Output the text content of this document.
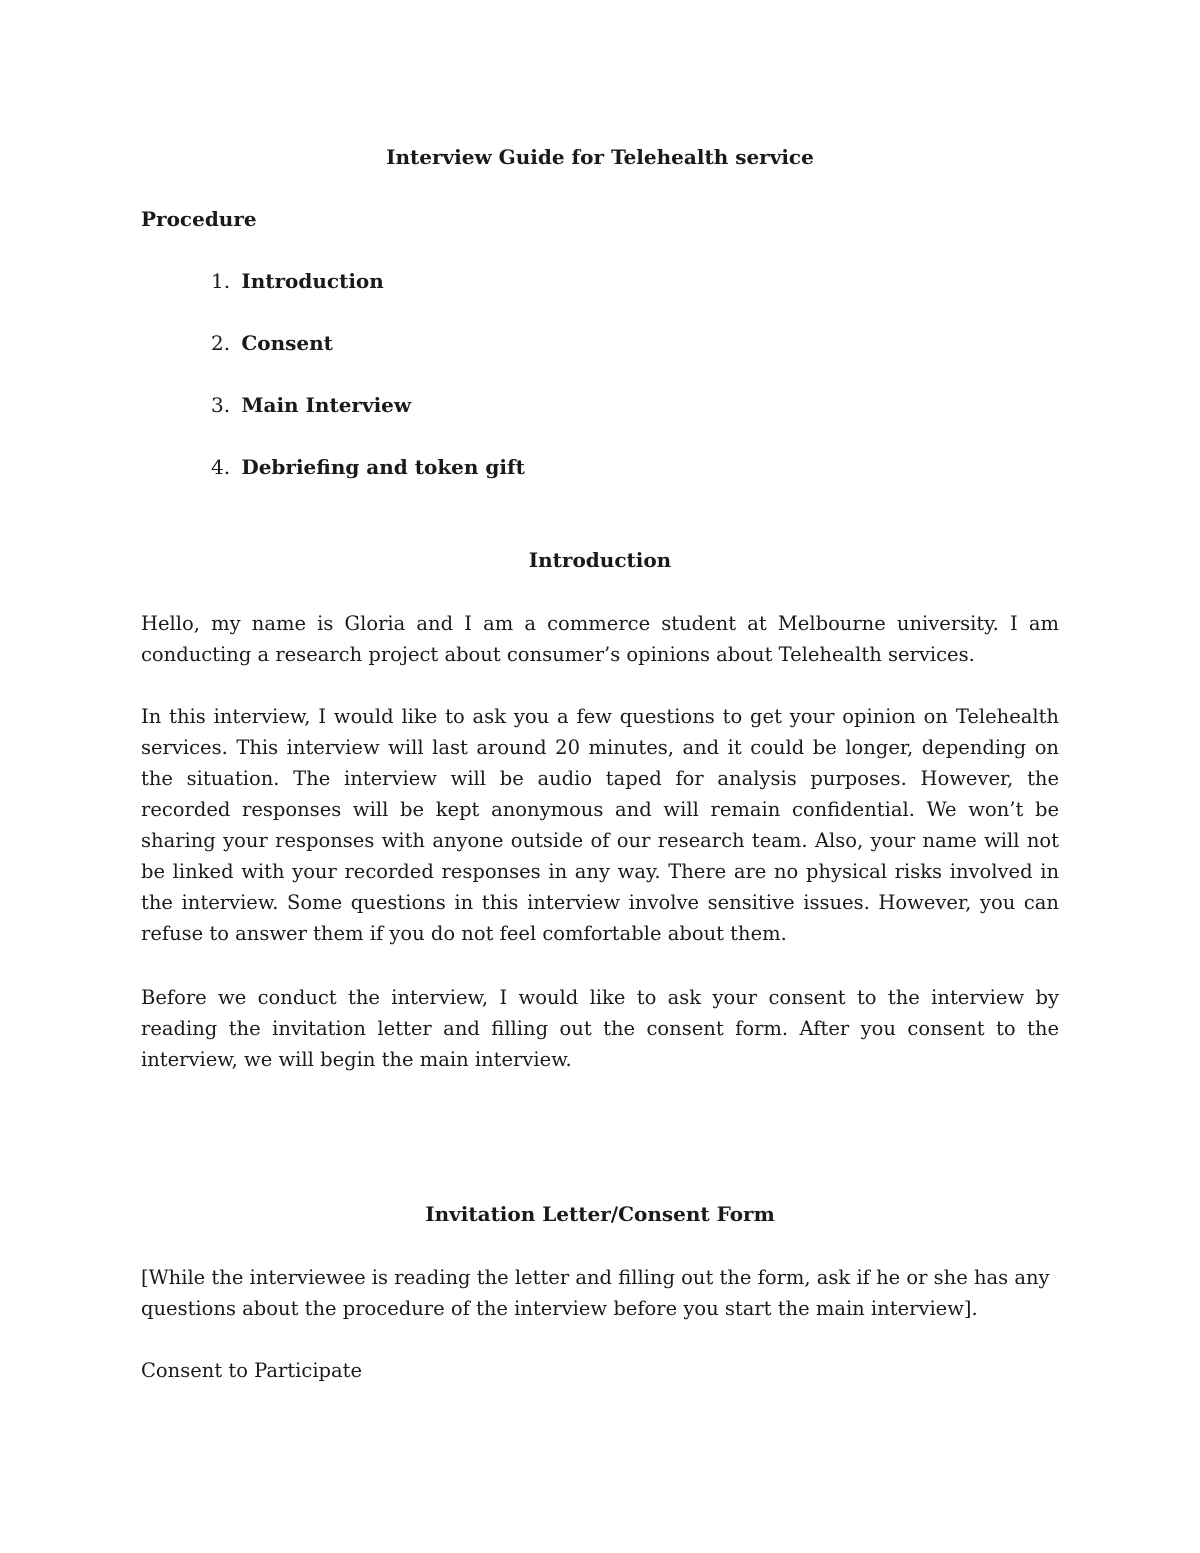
Interview Guide for Telehealth service
Procedure
1. Introduction
2. Consent
3. Main Interview
4. Debriefing and token gift
Introduction

Hello, my name is Gloria and I am a commerce student at Melbourne university. I am conducting a research project about consumer’s opinions about Telehealth services.

In this interview, I would like to ask you a few questions to get your opinion on Telehealth services. This interview will last around 20 minutes, and it could be longer, depending on the situation. The interview will be audio taped for analysis purposes. However, the recorded responses will be kept anonymous and will remain confidential. We won’t be sharing your responses with anyone outside of our research team. Also, your name will not be linked with your recorded responses in any way. There are no physical risks involved in the interview. Some questions in this interview involve sensitive issues. However, you can refuse to answer them if you do not feel comfortable about them.

Before we conduct the interview, I would like to ask your consent to the interview by reading the invitation letter and filling out the consent form. After you consent to the interview, we will begin the main interview.

Invitation Letter/Consent Form

[While the interviewee is reading the letter and filling out the form, ask if he or she has any questions about the procedure of the interview before you start the main interview].

Consent to Participate
